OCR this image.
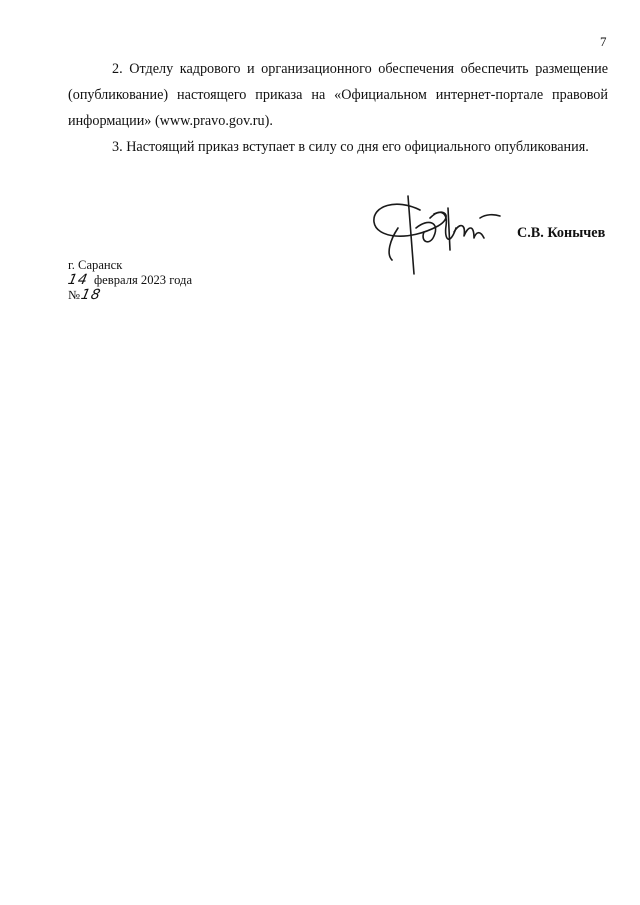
7

2. Отделу кадрового и организационного обеспечения обеспечить размещение (опубликование) настоящего приказа на «Официальном интернет-портале правовой информации» (www.pravo.gov.ru).

3. Настоящий приказ вступает в силу со дня его официального опубликования.

С.В. Конычев
г. Саранск
14 февраля 2023 года
№18
